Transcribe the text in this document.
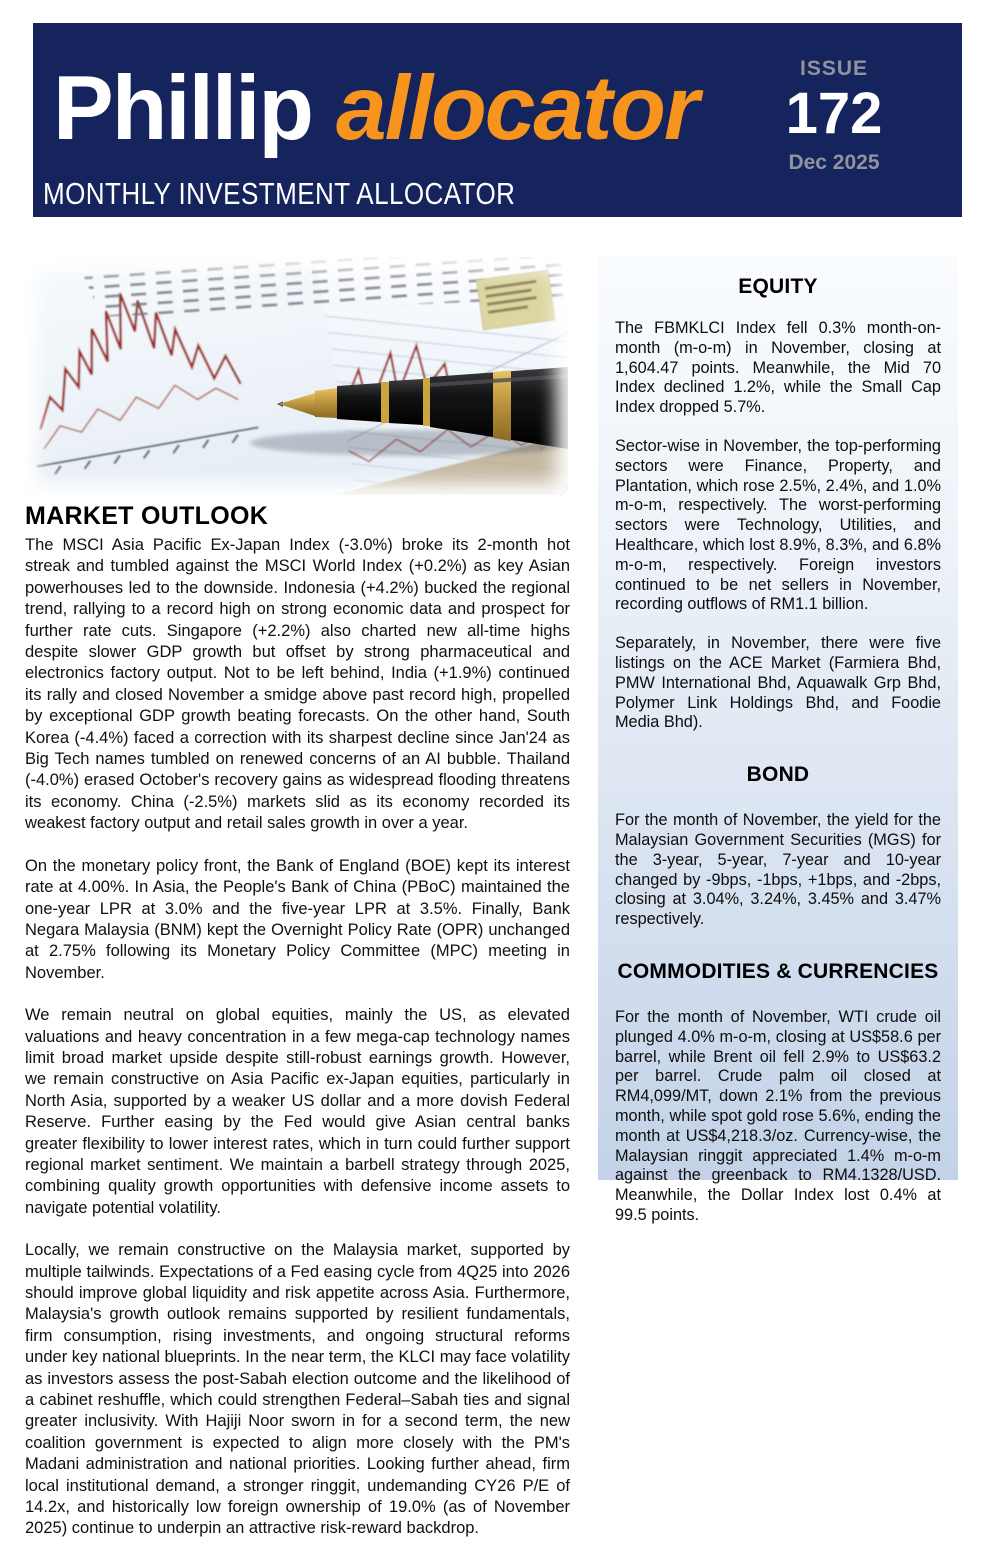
Phillip allocator	ISSUE
172
Dec 2025
MONTHLY INVESTMENT ALLOCATOR
MARKET OUTLOOK

The MSCI Asia Pacific Ex-Japan Index (-3.0%) broke its 2-month hot streak and tumbled against the MSCI World Index (+0.2%) as key Asian powerhouses led to the downside. Indonesia (+4.2%) bucked the regional trend, rallying to a record high on strong economic data and prospect for further rate cuts. Singapore (+2.2%) also charted new all-time highs despite slower GDP growth but offset by strong pharmaceutical and electronics factory output. Not to be left behind, India (+1.9%) continued its rally and closed November a smidge above past record high, propelled by exceptional GDP growth beating forecasts. On the other hand, South Korea (-4.4%) faced a correction with its sharpest decline since Jan'24 as Big Tech names tumbled on renewed concerns of an AI bubble. Thailand (-4.0%) erased October's recovery gains as widespread flooding threatens its economy. China (-2.5%) markets slid as its economy recorded its weakest factory output and retail sales growth in over a year.

On the monetary policy front, the Bank of England (BOE) kept its interest rate at 4.00%. In Asia, the People's Bank of China (PBoC) maintained the one-year LPR at 3.0% and the five-year LPR at 3.5%. Finally, Bank Negara Malaysia (BNM) kept the Overnight Policy Rate (OPR) unchanged at 2.75% following its Monetary Policy Committee (MPC) meeting in November.

We remain neutral on global equities, mainly the US, as elevated valuations and heavy concentration in a few mega-cap technology names limit broad market upside despite still-robust earnings growth. However, we remain constructive on Asia Pacific ex-Japan equities, particularly in North Asia, supported by a weaker US dollar and a more dovish Federal Reserve. Further easing by the Fed would give Asian central banks greater flexibility to lower interest rates, which in turn could further support regional market sentiment. We maintain a barbell strategy through 2025, combining quality growth opportunities with defensive income assets to navigate potential volatility.

Locally, we remain constructive on the Malaysia market, supported by multiple tailwinds. Expectations of a Fed easing cycle from 4Q25 into 2026 should improve global liquidity and risk appetite across Asia. Furthermore, Malaysia's growth outlook remains supported by resilient fundamentals, firm consumption, rising investments, and ongoing structural reforms under key national blueprints. In the near term, the KLCI may face volatility as investors assess the post-Sabah election outcome and the likelihood of a cabinet reshuffle, which could strengthen Federal–Sabah ties and signal greater inclusivity. With Hajiji Noor sworn in for a second term, the new coalition government is expected to align more closely with the PM's Madani administration and national priorities. Looking further ahead, firm local institutional demand, a stronger ringgit, undemanding CY26 P/E of 14.2x, and historically low foreign ownership of 19.0% (as of November 2025) continue to underpin an attractive risk-reward backdrop.

EQUITY

The FBMKLCI Index fell 0.3% month-on-month (m-o-m) in November, closing at 1,604.47 points. Meanwhile, the Mid 70 Index declined 1.2%, while the Small Cap Index dropped 5.7%.

Sector-wise in November, the top-performing sectors were Finance, Property, and Plantation, which rose 2.5%, 2.4%, and 1.0% m-o-m, respectively. The worst-performing sectors were Technology, Utilities, and Healthcare, which lost 8.9%, 8.3%, and 6.8% m-o-m, respectively. Foreign investors continued to be net sellers in November, recording outflows of RM1.1 billion.

Separately, in November, there were five listings on the ACE Market (Farmiera Bhd, PMW International Bhd, Aquawalk Grp Bhd, Polymer Link Holdings Bhd, and Foodie Media Bhd).

BOND

For the month of November, the yield for the Malaysian Government Securities (MGS) for the 3-year, 5-year, 7-year and 10-year changed by -9bps, -1bps, +1bps, and -2bps, closing at 3.04%, 3.24%, 3.45% and 3.47% respectively.

COMMODITIES & CURRENCIES

For the month of November, WTI crude oil plunged 4.0% m-o-m, closing at US$58.6 per barrel, while Brent oil fell 2.9% to US$63.2 per barrel. Crude palm oil closed at RM4,099/MT, down 2.1% from the previous month, while spot gold rose 5.6%, ending the month at US$4,218.3/oz. Currency-wise, the Malaysian ringgit appreciated 1.4% m-o-m against the greenback to RM4.1328/USD. Meanwhile, the Dollar Index lost 0.4% at 99.5 points.
